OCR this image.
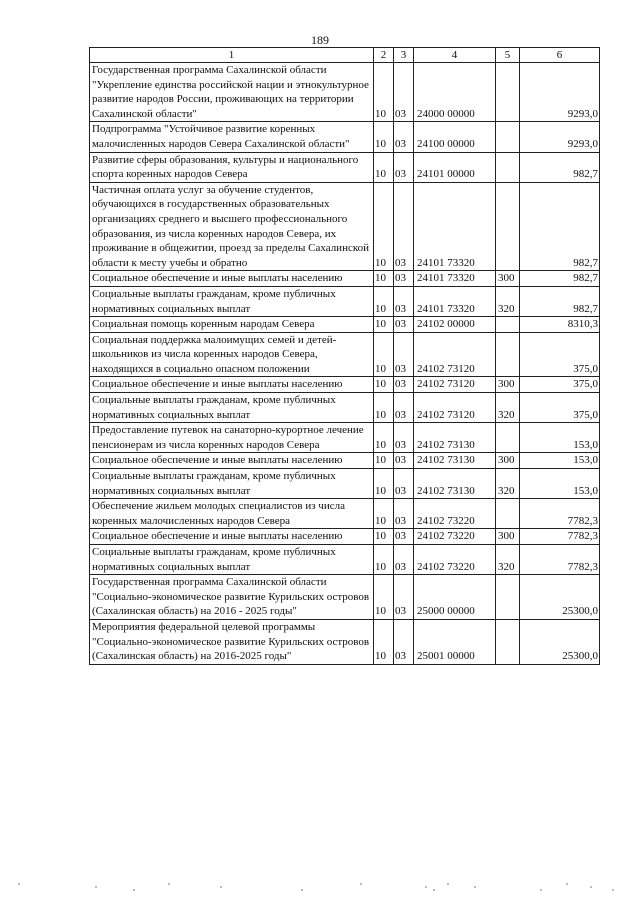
189
1	2	3	4	5	6
Государственная программа Сахалинской области "Укрепление единства российской нации и этнокультурное развитие народов России, проживающих на территории Сахалинской области"	10	03	24000 00000		9293,0
Подпрограмма "Устойчивое развитие коренных малочисленных народов Севера Сахалинской области"	10	03	24100 00000		9293,0
Развитие сферы образования, культуры и национального спорта коренных народов Севера	10	03	24101 00000		982,7
Частичная оплата услуг за обучение студентов, обучающихся в государственных образовательных организациях среднего и высшего профессионального образования, из числа коренных народов Севера, их проживание в общежитии, проезд за пределы Сахалинской области к месту учебы и обратно	10	03	24101 73320		982,7
Социальное обеспечение и иные выплаты населению	10	03	24101 73320	300	982,7
Социальные выплаты гражданам, кроме публичных нормативных социальных выплат	10	03	24101 73320	320	982,7
Социальная помощь коренным народам Севера	10	03	24102 00000		8310,3
Социальная поддержка малоимущих семей и детей-школьников из числа коренных народов Севера, находящихся в социально опасном положении	10	03	24102 73120		375,0
Социальное обеспечение и иные выплаты населению	10	03	24102 73120	300	375,0
Социальные выплаты гражданам, кроме публичных нормативных социальных выплат	10	03	24102 73120	320	375,0
Предоставление путевок на санаторно-курортное лечение пенсионерам из числа коренных народов Севера	10	03	24102 73130		153,0
Социальное обеспечение и иные выплаты населению	10	03	24102 73130	300	153,0
Социальные выплаты гражданам, кроме публичных нормативных социальных выплат	10	03	24102 73130	320	153,0
Обеспечение жильем молодых специалистов из числа коренных малочисленных народов Севера	10	03	24102 73220		7782,3
Социальное обеспечение и иные выплаты населению	10	03	24102 73220	300	7782,3
Социальные выплаты гражданам, кроме публичных нормативных социальных выплат	10	03	24102 73220	320	7782,3
Государственная программа Сахалинской области "Социально-экономическое развитие Курильских островов (Сахалинская область) на 2016 - 2025 годы"	10	03	25000 00000		25300,0
Мероприятия федеральной целевой программы "Социально-экономическое развитие Курильских островов (Сахалинская область) на 2016-2025 годы"	10	03	25001 00000		25300,0
